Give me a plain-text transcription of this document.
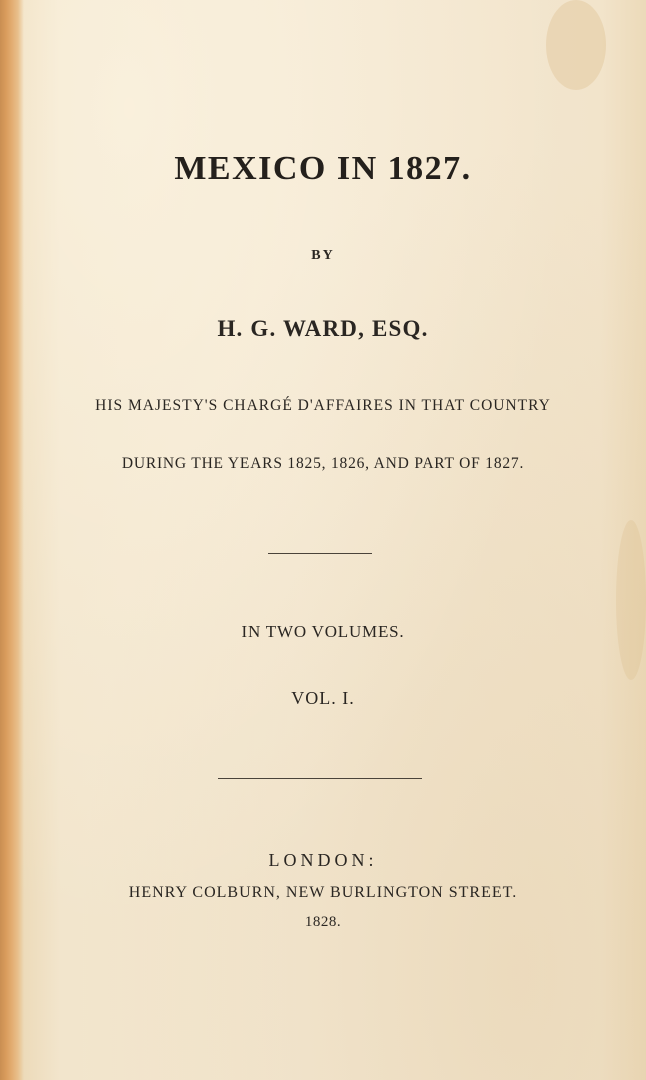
MEXICO IN 1827.
BY
H. G. WARD, ESQ.
HIS MAJESTY'S CHARGÉ D'AFFAIRES IN THAT COUNTRY
DURING THE YEARS 1825, 1826, AND PART OF 1827.
IN TWO VOLUMES.
VOL. I.
LONDON:
HENRY COLBURN, NEW BURLINGTON STREET.
1828.
